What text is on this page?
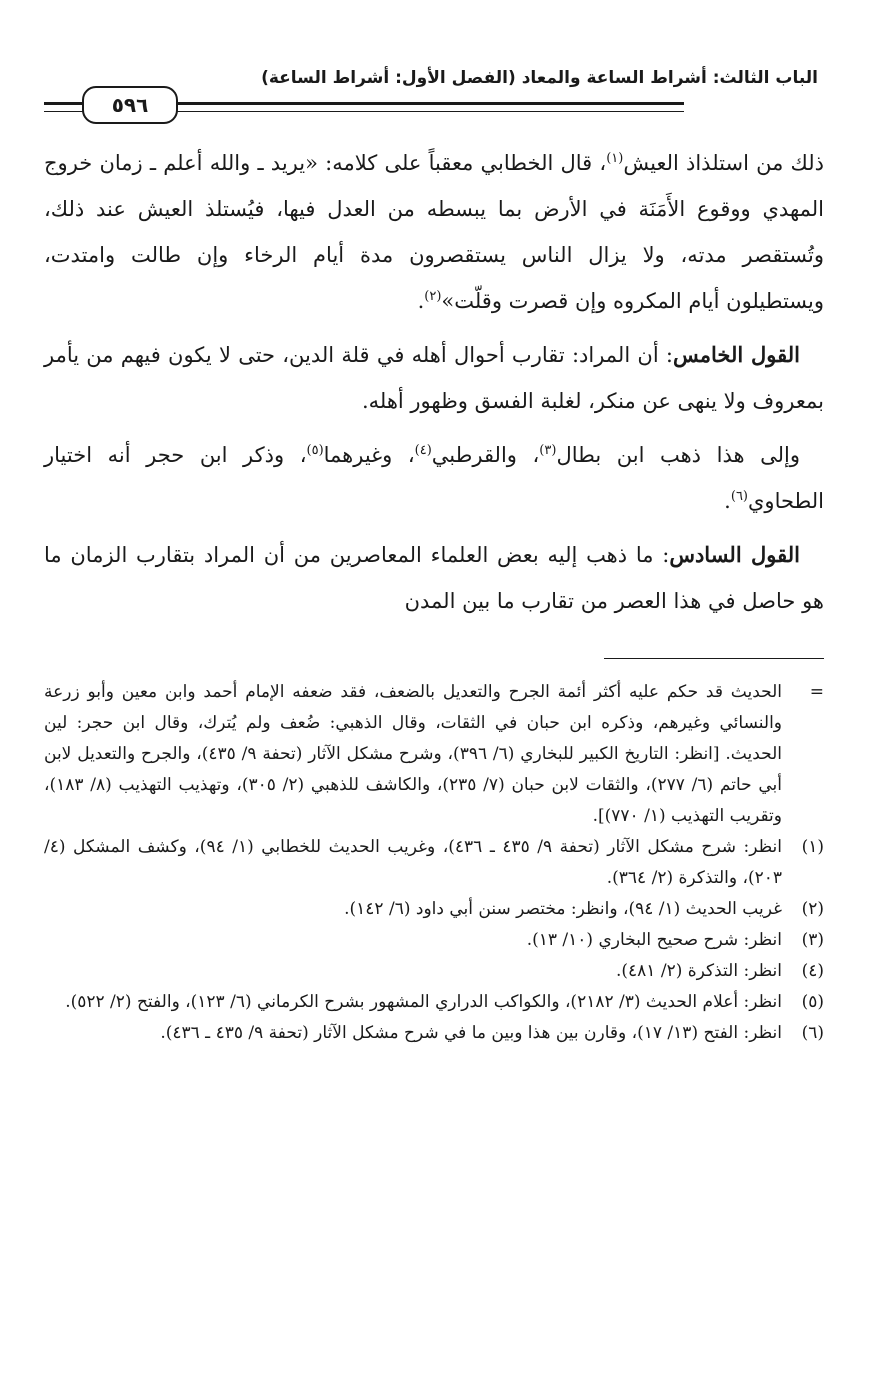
الباب الثالث: أشراط الساعة والمعاد (الفصل الأول: أشراط الساعة)
٥٩٦

ذلك من استلذاذ العيش$^{(١)}$، قال الخطابي معقباً على كلامه: «يريد ـ والله أعلم ـ زمان خروج المهدي ووقوع الأَمَنَة في الأرض بما يبسطه من العدل فيها، فيُستلذ العيش عند ذلك، وتُستقصر مدته، ولا يزال الناس يستقصرون مدة أيام الرخاء وإن طالت وامتدت، ويستطيلون أيام المكروه وإن قصرت وقلّت»$^{(٢)}$.

القول الخامس: أن المراد: تقارب أحوال أهله في قلة الدين، حتى لا يكون فيهم من يأمر بمعروف ولا ينهى عن منكر، لغلبة الفسق وظهور أهله.

وإلى هذا ذهب ابن بطال$^{(٣)}$، والقرطبي$^{(٤)}$، وغيرهما$^{(٥)}$، وذكر ابن حجر أنه اختيار الطحاوي$^{(٦)}$.

القول السادس: ما ذهب إليه بعض العلماء المعاصرين من أن المراد بتقارب الزمان ما هو حاصل في هذا العصر من تقارب ما بين المدن

=
الحديث قد حكم عليه أكثر أئمة الجرح والتعديل بالضعف، فقد ضعفه الإمام أحمد وابن معين وأبو زرعة والنسائي وغيرهم، وذكره ابن حبان في الثقات، وقال الذهبي: ضُعف ولم يُترك، وقال ابن حجر: لين الحديث. [انظر: التاريخ الكبير للبخاري (٦/ ٣٩٦)، وشرح مشكل الآثار (تحفة ٩/ ٤٣٥)، والجرح والتعديل لابن أبي حاتم (٦/ ٢٧٧)، والثقات لابن حبان (٧/ ٢٣٥)، والكاشف للذهبي (٢/ ٣٠٥)، وتهذيب التهذيب (٨/ ١٨٣)، وتقريب التهذيب (١/ ٧٧٠)].
(١)
انظر: شرح مشكل الآثار (تحفة ٩/ ٤٣٥ ـ ٤٣٦)، وغريب الحديث للخطابي (١/ ٩٤)، وكشف المشكل (٤/ ٢٠٣)، والتذكرة (٢/ ٣٦٤).
(٢)
غريب الحديث (١/ ٩٤)، وانظر: مختصر سنن أبي داود (٦/ ١٤٢).
(٣)
انظر: شرح صحيح البخاري (١٠/ ١٣).
(٤)
انظر: التذكرة (٢/ ٤٨١).
(٥)
انظر: أعلام الحديث (٣/ ٢١٨٢)، والكواكب الدراري المشهور بشرح الكرماني (٦/ ١٢٣)، والفتح (٢/ ٥٢٢).
(٦)
انظر: الفتح (١٣/ ١٧)، وقارن بين هذا وبين ما في شرح مشكل الآثار (تحفة ٩/ ٤٣٥ ـ ٤٣٦).
